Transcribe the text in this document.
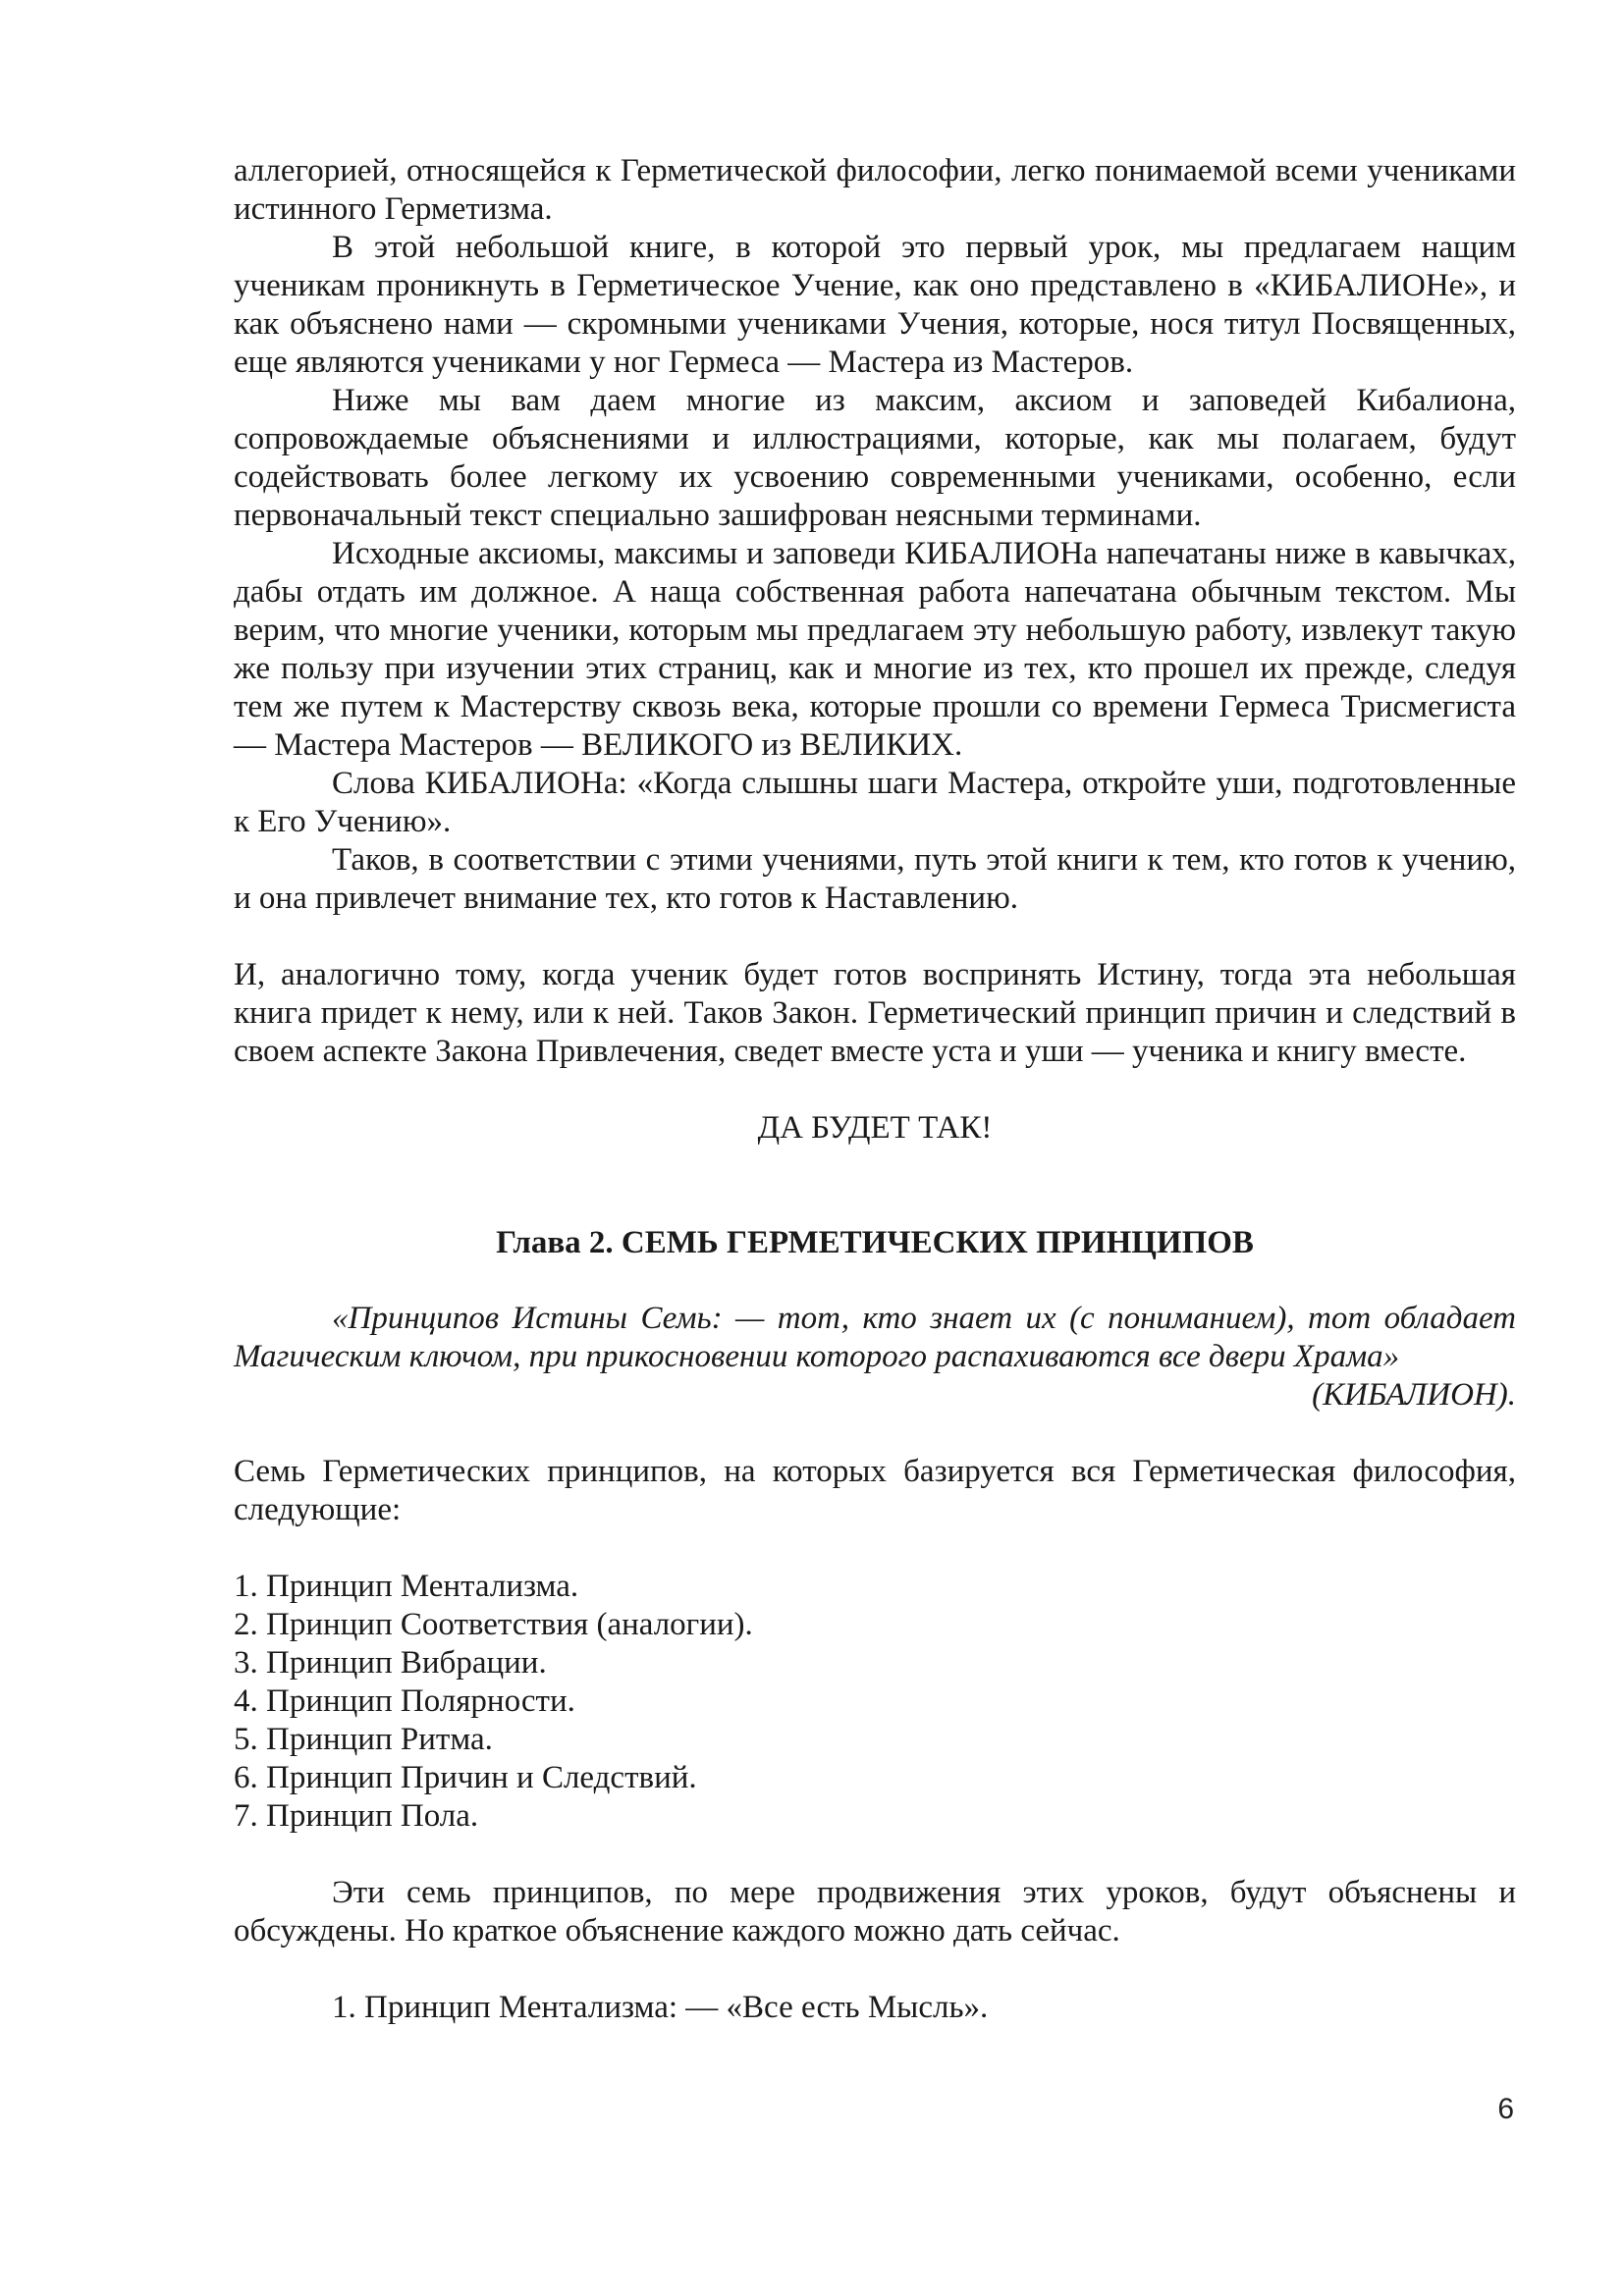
аллегорией, относящейся к Герметической философии, легко понимаемой всеми учениками истинного Герметизма.

В этой небольшой книге, в которой это первый урок, мы предлагаем нащим ученикам проникнуть в Герметическое Учение, как оно представлено в «КИБАЛИОНе», и как объяснено нами — скромными учениками Учения, которые, нося титул Посвященных, еще являются учениками у ног Гермеса — Мастера из Мастеров.

Ниже мы вам даем многие из максим, аксиом и заповедей Кибалиона, сопровождаемые объяснениями и иллюстрациями, которые, как мы полагаем, будут содействовать более легкому их усвоению современными учениками, особенно, если первоначальный текст специально зашифрован неясными терминами.

Исходные аксиомы, максимы и заповеди КИБАЛИОНа напечатаны ниже в кавычках, дабы отдать им должное. А наща собственная работа напечатана обычным текстом. Мы верим, что многие ученики, которым мы предлагаем эту небольшую работу, извлекут такую же пользу при изучении этих страниц, как и многие из тех, кто прошел их прежде, следуя тем же путем к Мастерству сквозь века, которые прошли со времени Гермеса Трисмегиста — Мастера Мастеров — ВЕЛИКОГО из ВЕЛИКИХ.

Слова КИБАЛИОНа: «Когда слышны шаги Мастера, откройте уши, подготовленные к Его Учению».

Таков, в соответствии с этими учениями, путь этой книги к тем, кто готов к учению, и она привлечет внимание тех, кто готов к Наставлению.

И, аналогично тому, когда ученик будет готов воспринять Истину, тогда эта небольшая книга придет к нему, или к ней. Таков Закон. Герметический принцип причин и следствий в своем аспекте Закона Привлечения, сведет вместе уста и уши –– ученика и книгу вместе.

ДА БУДЕТ ТАК!

Глава 2. СЕМЬ ГЕРМЕТИЧЕСКИХ ПРИНЦИПОВ

«Принципов Истины Семь: — тот, кто знает их (с пониманием), тот обладает Магическим ключом, при прикосновении которого распахиваются все двери Храма»

(КИБАЛИОН).

Семь Герметических принципов, на которых базируется вся Герметическая философия, следующие:

1. Принцип Ментализма.
2. Принцип Соответствия (аналогии).
3. Принцип Вибрации.
4. Принцип Полярности.
5. Принцип Ритма.
6. Принцип Причин и Следствий.
7. Принцип Пола.

Эти семь принципов, по мере продвижения этих уроков, будут объяснены и обсуждены. Но краткое объяснение каждого можно дать сейчас.

1. Принцип Ментализма: — «Все есть Мысль».

6
